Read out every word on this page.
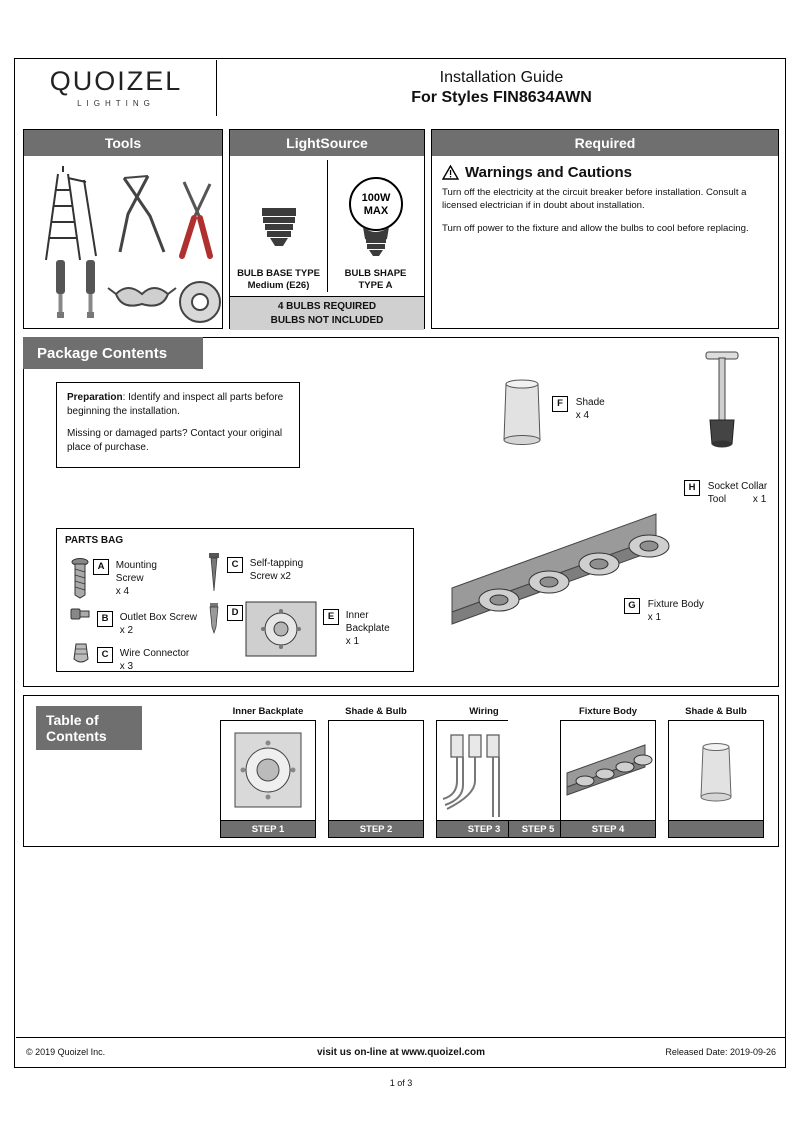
QUOIZEL
LIGHTING
Installation Guide
For Styles FIN8634AWN
Tools	LightSource
BULB BASE TYPE
Medium (E26)
100W
MAX
BULB SHAPE
TYPE A
4 BULBS REQUIRED
BULBS NOT INCLUDED
Required
Warnings and Cautions

Turn off the electricity at the circuit breaker before installation. Consult a licensed electrician if in doubt about installation.

Turn off power to the fixture and allow the bulbs to cool before replacing.

Package Contents
Preparation: Identify and inspect all parts before beginning the installation.
Missing or damaged parts? Contact your original place of purchase.
PARTS BAG
A Mounting
Screw
x 4
B Outlet Box Screw
x 2
C Wire Connector
x 3
C Self-tapping
Screw x2
D	E Inner
Backplate
x 1
F Shade
x 4
H Socket Collar
Tool	x 1
G Fixture Body
x 1
Table of
Contents
Inner Backplate
STEP 1
Shade & Bulb
STEP 2
Wiring
STEP 3	STEP 5
Fixture Body
STEP 4
Shade & Bulb
© 2019 Quoizel Inc.	visit us on-line at www.quoizel.com	Released Date: 2019-09-26
1 of 3
